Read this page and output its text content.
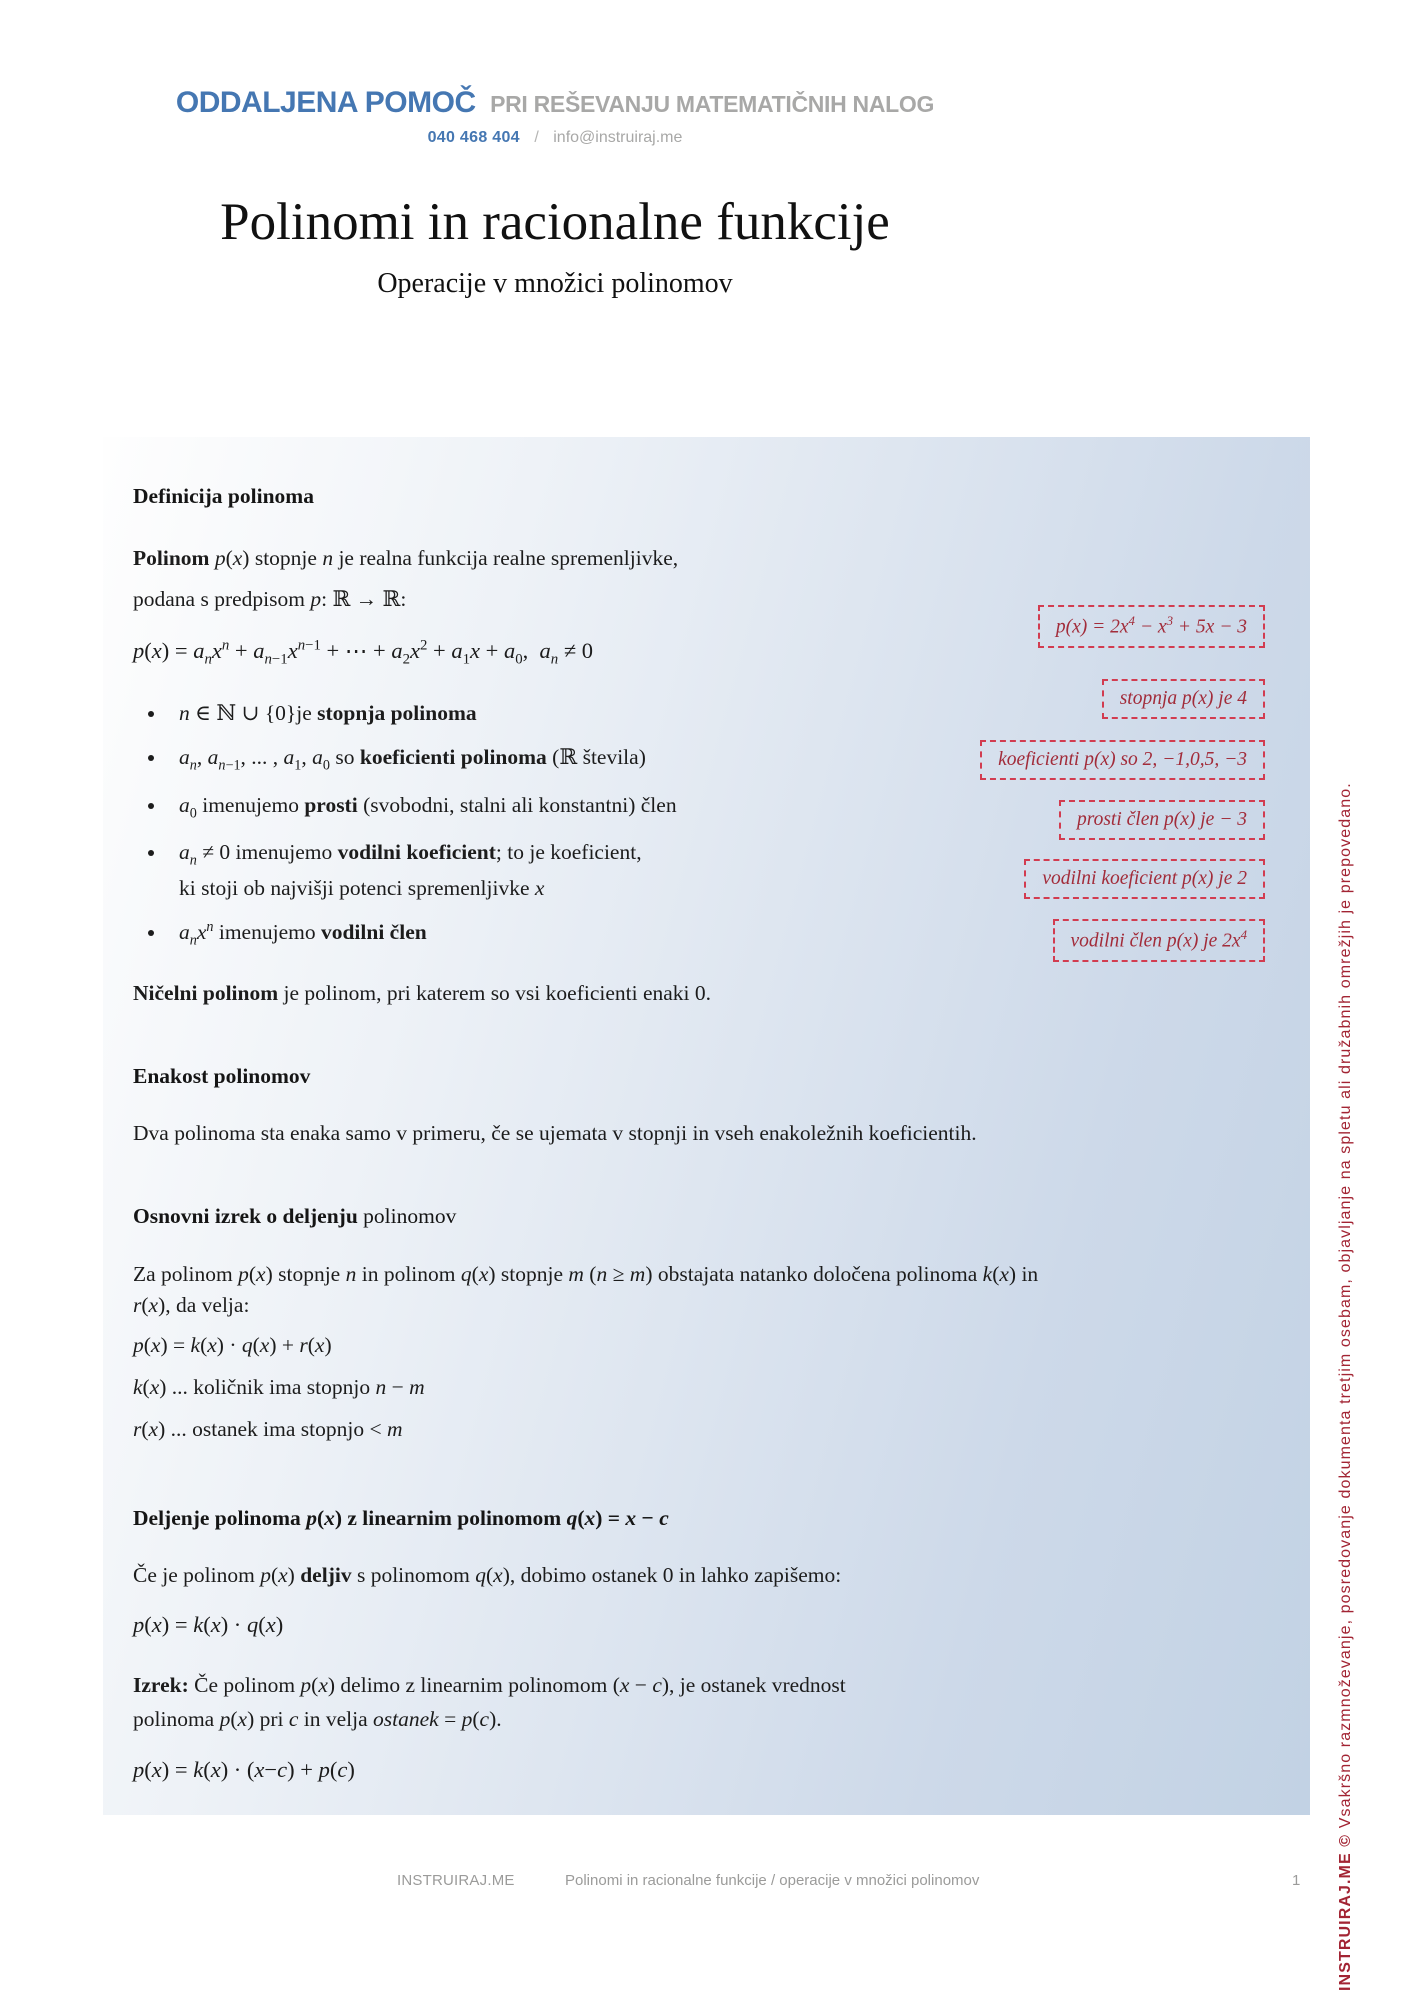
ODDALJENA POMOČ PRI REŠEVANJU MATEMATIČNIH NALOG
040 468 404 / info@instruiraj.me
Polinomi in racionalne funkcije
Operacije v množici polinomov
Definicija polinoma

Polinom p(x) stopnje n je realna funkcija realne spremenljivke,
podana s predpisom p: ℝ → ℝ:

$p(x) = a_nx^n + a_{n-1}x^{n-1}$ + ⋯ + $a_2x^2 + a_1x + a_0$,  $a_n \ne 0$

• n ∈ ℕ ∪ {0}je stopnja polinoma
• $a_n$, $a_{n-1}$, ... , $a_1$, $a_0$ so koeficienti polinoma (ℝ števila)
• $a_0$ imenujemo prosti (svobodni, stalni ali konstantni) člen
• $a_n \ne 0$ imenujemo vodilni koeficient; to je koeficient,
ki stoji ob najvišji potenci spremenljivke x
• $a_nx^n$ imenujemo vodilni člen

Ničelni polinom je polinom, pri katerem so vsi koeficienti enaki 0.

Enakost polinomov

Dva polinoma sta enaka samo v primeru, če se ujemata v stopnji in vseh enakoležnih koeficientih.

Osnovni izrek o deljenju polinomov

Za polinom p(x) stopnje n in polinom q(x) stopnje m (n ≥ m) obstajata natanko določena polinoma k(x) in r(x), da velja:

p(x) = k(x) · q(x) + r(x)

k(x) ... količnik ima stopnjo n − m

r(x) ... ostanek ima stopnjo < m

Deljenje polinoma p(x) z linearnim polinomom q(x) = x − c

Če je polinom p(x) deljiv s polinomom q(x), dobimo ostanek 0 in lahko zapišemo:

p(x) = k(x) · q(x)

Izrek: Če polinom p(x) delimo z linearnim polinomom (x − c), je ostanek vrednost
polinoma p(x) pri c in velja ostanek = p(c).

p(x) = k(x) · (x−c) + p(c)

$p(x) = 2x^4 - x^3 + 5x - 3$
stopnja p(x) je 4
koeficienti p(x) so 2, −1,0,5, −3
prosti člen p(x) je − 3
vodilni koeficient p(x) je 2
vodilni člen p(x) je $2x^4$
INSTRUIRAJ.ME	Polinomi in racionalne funkcije / operacije v množici polinomov	1 INSTRUIRAJ.ME © Vsakršno razmnoževanje, posredovanje dokumenta tretjim osebam, objavljanje na spletu ali družabnih omrežjih je prepovedano.
